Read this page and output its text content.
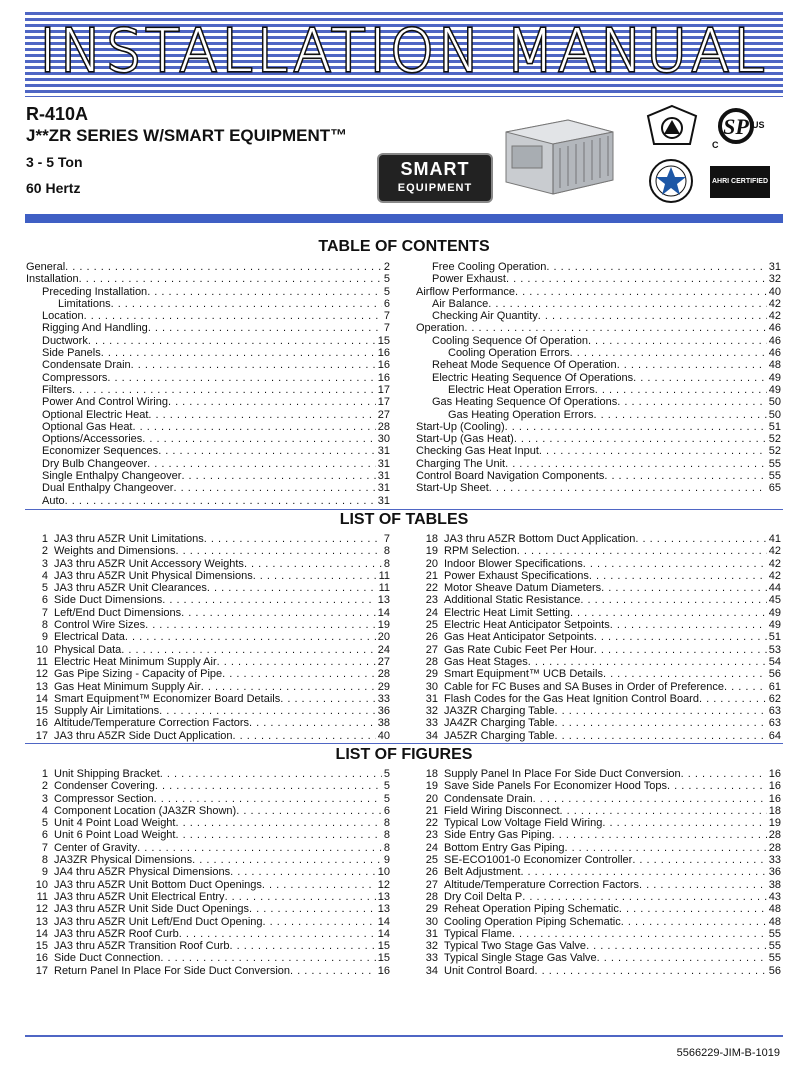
INSTALLATION MANUAL
R-410A
J**ZR SERIES W/SMART EQUIPMENT™
3 - 5 Ton
60 Hertz
SMART
EQUIPMENT
SP US
C
AHRI CERTIFIED
TABLE OF CONTENTS
General . . .	2
Installation . . .	5
Preceding Installation . . .	5
Limitations . . .	6
Location . . .	7
Rigging And Handling . . .	7
Ductwork . . .	15
Side Panels . . .	16
Condensate Drain . . .	16
Compressors . . .	16
Filters . . .	17
Power And Control Wiring . . .	17
Optional Electric Heat . . .	27
Optional Gas Heat . . .	28
Options/Accessories . . .	30
Economizer Sequences . . .	31
Dry Bulb Changeover . . .	31
Single Enthalpy Changeover . . .	31
Dual Enthalpy Changeover . . .	31
Auto . . .	31
Free Cooling Operation . . .	31
Power Exhaust . . .	32
Airflow Performance . . .	40
Air Balance . . .	42
Checking Air Quantity . . .	42
Operation . . .	46
Cooling Sequence Of Operation . . .	46
Cooling Operation Errors . . .	46
Reheat Mode Sequence Of Operation . . .	48
Electric Heating Sequence Of Operations . . .	49
Electric Heat Operation Errors . . .	49
Gas Heating Sequence Of Operations . . .	50
Gas Heating Operation Errors . . .	50
Start-Up (Cooling) . . .	51
Start-Up (Gas Heat) . . .	52
Checking Gas Heat Input . . .	52
Charging The Unit . . .	55
Control Board Navigation Components . . .	55
Start-Up Sheet . . .	65
LIST OF TABLES
1 JA3 thru A5ZR Unit Limitations . . .	7
2 Weights and Dimensions . . .	8
3 JA3 thru A5ZR Unit Accessory Weights . . .	8
4 JA3 thru A5ZR Unit Physical Dimensions . . .	11
5 JA3 thru A5ZR Unit Clearances . . .	11
6 Side Duct Dimensions . . .	13
7 Left/End Duct Dimensions . . .	14
8 Control Wire Sizes . . .	19
9 Electrical Data . . .	20
10 Physical Data . . .	24
11 Electric Heat Minimum Supply Air . . .	27
12 Gas Pipe Sizing - Capacity of Pipe . . .	28
13 Gas Heat Minimum Supply Air . . .	29
14 Smart Equipment™ Economizer Board Details . . .	33
15 Supply Air Limitations . . .	36
16 Altitude/Temperature Correction Factors . . .	38
17 JA3 thru A5ZR Side Duct Application . . .	40
18 JA3 thru A5ZR Bottom Duct Application . . .	41
19 RPM Selection . . .	42
20 Indoor Blower Specifications . . .	42
21 Power Exhaust Specifications . . .	42
22 Motor Sheave Datum Diameters . . .	44
23 Additional Static Resistance . . .	45
24 Electric Heat Limit Setting . . .	49
25 Electric Heat Anticipator Setpoints . . .	49
26 Gas Heat Anticipator Setpoints . . .	51
27 Gas Rate Cubic Feet Per Hour . . .	53
28 Gas Heat Stages . . .	54
29 Smart Equipment™ UCB Details . . .	56
30 Cable for FC Buses and SA Buses in Order of Preference . . .	61
31 Flash Codes for the Gas Heat Ignition Control Board . . .	62
32 JA3ZR Charging Table . . .	63
33 JA4ZR Charging Table . . .	63
34 JA5ZR Charging Table . . .	64
LIST OF FIGURES
1 Unit Shipping Bracket . . .	5
2 Condenser Covering . . .	5
3 Compressor Section . . .	5
4 Component Location (JA3ZR Shown) . . .	6
5 Unit 4 Point Load Weight . . .	8
6 Unit 6 Point Load Weight . . .	8
7 Center of Gravity . . .	8
8 JA3ZR Physical Dimensions . . .	9
9 JA4 thru A5ZR Physical Dimensions . . .	10
10 JA3 thru A5ZR Unit Bottom Duct Openings . . .	12
11 JA3 thru A5ZR Unit Electrical Entry . . .	13
12 JA3 thru A5ZR Unit Side Duct Openings . . .	13
13 JA3 thru A5ZR Unit Left/End Duct Opening . . .	14
14 JA3 thru A5ZR Roof Curb . . .	14
15 JA3 thru A5ZR Transition Roof Curb . . .	15
16 Side Duct Connection . . .	15
17 Return Panel In Place For Side Duct Conversion . . .	16
18 Supply Panel In Place For Side Duct Conversion . . .	16
19 Save Side Panels For Economizer Hood Tops . . .	16
20 Condensate Drain . . .	16
21 Field Wiring Disconnect . . .	18
22 Typical Low Voltage Field Wiring . . .	19
23 Side Entry Gas Piping . . .	28
24 Bottom Entry Gas Piping . . .	28
25 SE-ECO1001-0 Economizer Controller . . .	33
26 Belt Adjustment . . .	36
27 Altitude/Temperature Correction Factors . . .	38
28 Dry Coil Delta P . . .	43
29 Reheat Operation Piping Schematic . . .	48
30 Cooling Operation Piping Schematic . . .	48
31 Typical Flame . . .	55
32 Typical Two Stage Gas Valve . . .	55
33 Typical Single Stage Gas Valve . . .	55
34 Unit Control Board . . .	56
5566229-JIM-B-1019
